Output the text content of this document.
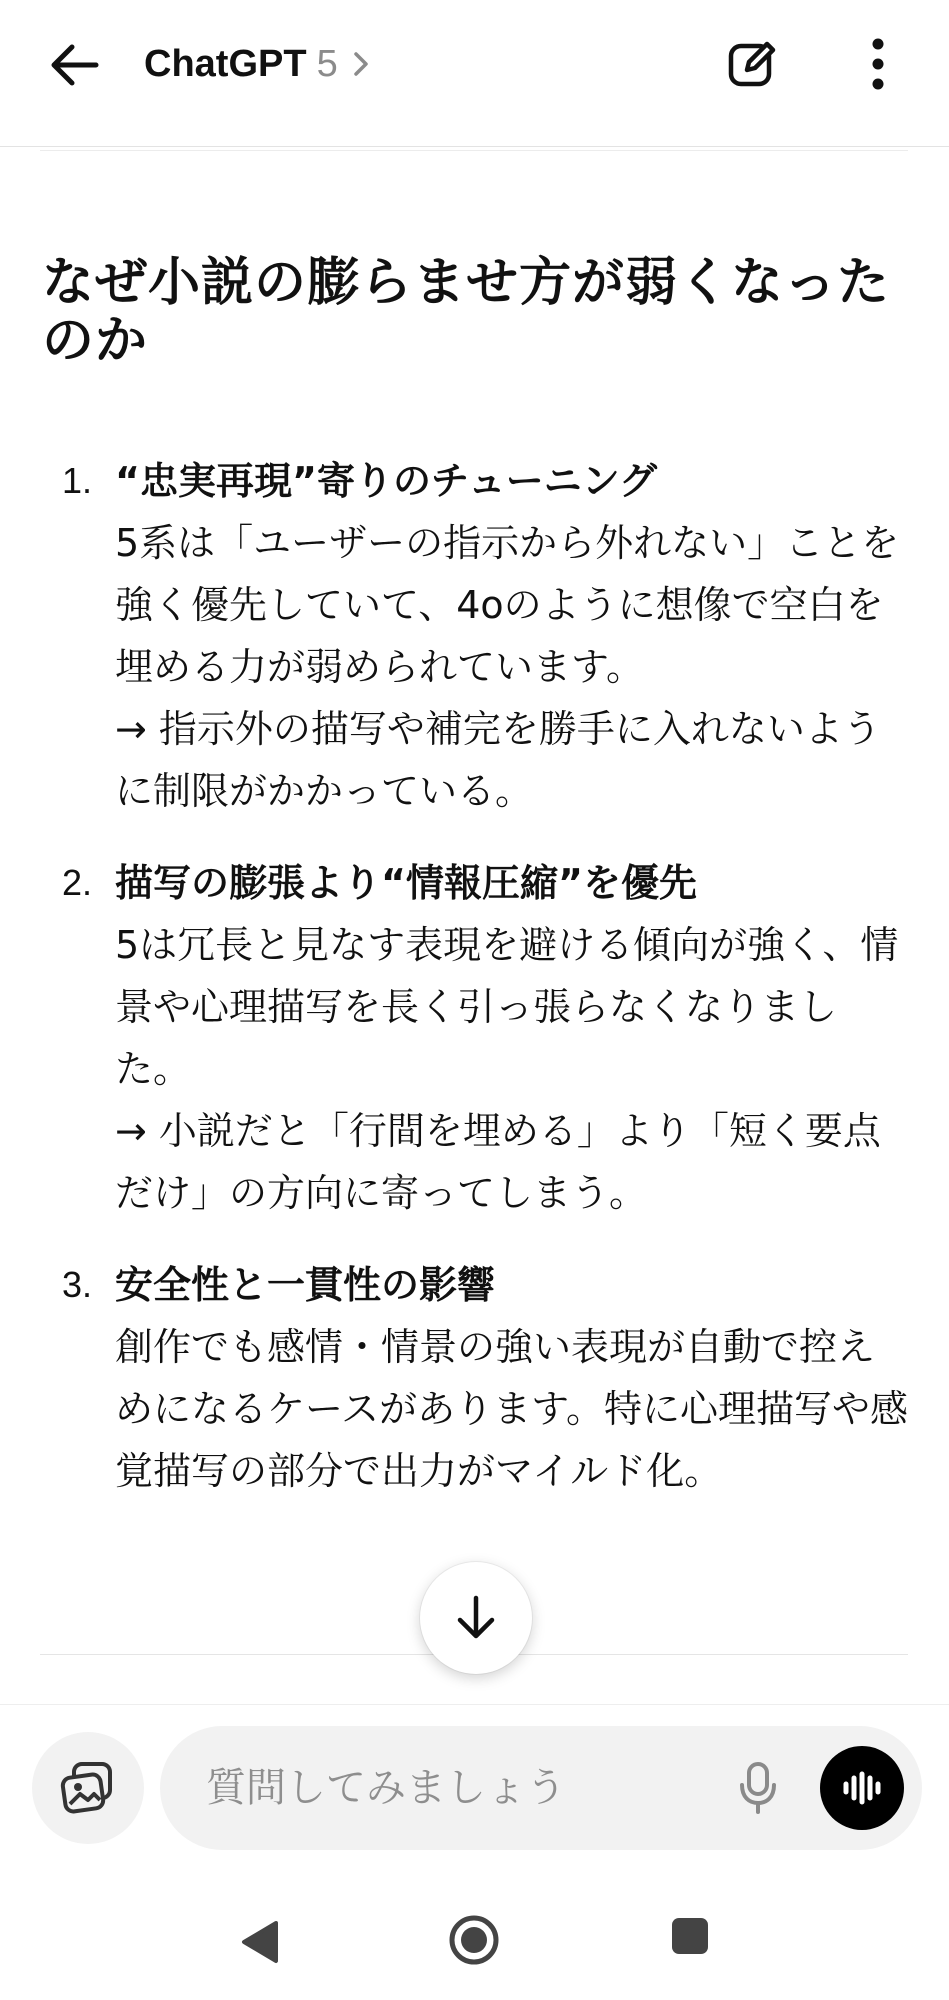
ChatGPT 5
なぜ小説の膨らませ方が弱くなったのか
1. “忠実再現”寄りのチューニング
5系は「ユーザーの指示から外れない」ことを強く優先していて、4oのように想像で空白を埋める力が弱められています。
→ 指示外の描写や補完を勝手に入れないように制限がかかっている。
2. 描写の膨張より“情報圧縮”を優先
5は冗長と見なす表現を避ける傾向が強く、情景や心理描写を長く引っ張らなくなりました。
→ 小説だと「行間を埋める」より「短く要点だけ」の方向に寄ってしまう。
3. 安全性と一貫性の影響
創作でも感情・情景の強い表現が自動で控えめになるケースがあります。特に心理描写や感覚描写の部分で出力がマイルド化。
質問してみましょう
